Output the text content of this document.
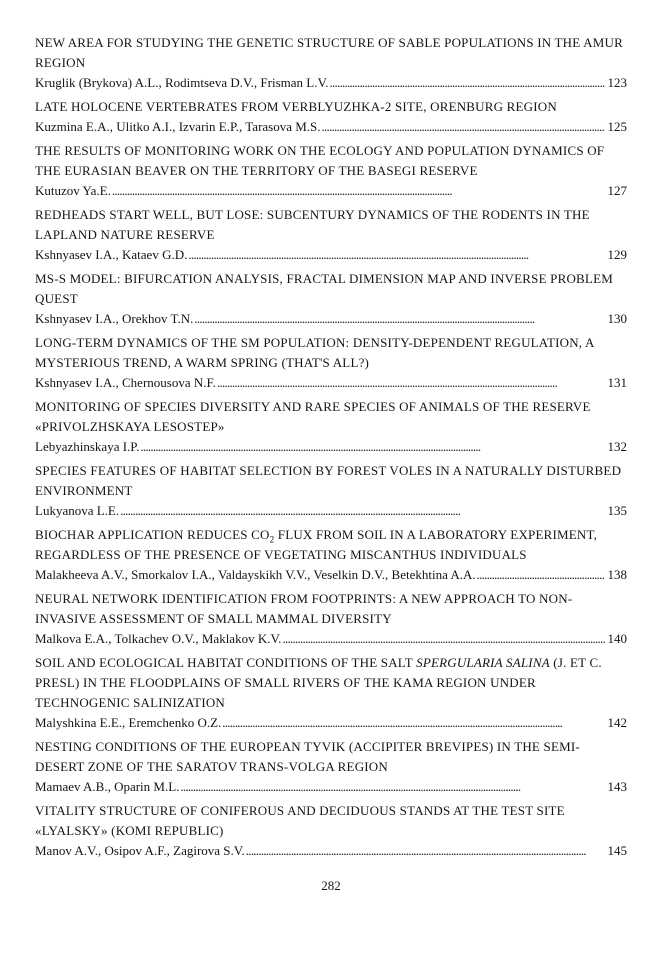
NEW AREA FOR STUDYING THE GENETIC STRUCTURE OF SABLE POPULATIONS IN THE AMUR REGION
Kruglik (Brykova) A.L., Rodimtseva D.V., Frisman L.V. . . .	123
LATE HOLOCENE VERTEBRATES FROM VERBLYUZHKA-2 SITE, ORENBURG REGION
Kuzmina E.A., Ulitko A.I., Izvarin E.P., Tarasova M.S. . . .	125
THE RESULTS OF MONITORING WORK ON THE ECOLOGY AND POPULATION DYNAMICS OF THE EURASIAN BEAVER ON THE TERRITORY OF THE BASEGI RESERVE
Kutuzov Ya.E. . . .	127
REDHEADS START WELL, BUT LOSE: SUBCENTURY DYNAMICS OF THE RODENTS IN THE LAPLAND NATURE RESERVE
Kshnyasev I.A., Kataev G.D. . . .	129
MS-S MODEL: BIFURCATION ANALYSIS, FRACTAL DIMENSION MAP AND INVERSE PROBLEM QUEST
Kshnyasev I.A., Orekhov T.N. . . .	130
LONG-TERM DYNAMICS OF THE SM POPULATION: DENSITY-DEPENDENT REGULATION, A MYSTERIOUS TREND, A WARM SPRING (THAT'S ALL?)
Kshnyasev I.A., Chernousova N.F. . . .	131
MONITORING OF SPECIES DIVERSITY AND RARE SPECIES OF ANIMALS OF THE RESERVE «PRIVOLZHSKAYA LESOSTEP»
Lebyazhinskaya I.P. . . .	132
SPECIES FEATURES OF HABITAT SELECTION BY FOREST VOLES IN A NATURALLY DISTURBED ENVIRONMENT
Lukyanova L.E. . . .	135
BIOCHAR APPLICATION REDUCES $CO_2$ FLUX FROM SOIL IN A LABORATORY EXPERIMENT, REGARDLESS OF THE PRESENCE OF VEGETATING MISCANTHUS INDIVIDUALS
Malakheeva A.V., Smorkalov I.A., Valdayskikh V.V., Veselkin D.V., Betekhtina A.A. . . .	138
NEURAL NETWORK IDENTIFICATION FROM FOOTPRINTS: A NEW APPROACH TO NON-INVASIVE ASSESSMENT OF SMALL MAMMAL DIVERSITY
Malkova E.A., Tolkachev O.V., Maklakov K.V. . . .	140
SOIL AND ECOLOGICAL HABITAT CONDITIONS OF THE SALT SPERGULARIA SALINA (J. ET C. PRESL) IN THE FLOODPLAINS OF SMALL RIVERS OF THE KAMA REGION UNDER TECHNOGENIC SALINIZATION
Malyshkina E.E., Eremchenko O.Z. . . .	142
NESTING CONDITIONS OF THE EUROPEAN TYVIK (ACCIPITER BREVIPES) IN THE SEMI-DESERT ZONE OF THE SARATOV TRANS-VOLGA REGION
Mamaev A.B., Oparin M.L. . . .	143
VITALITY STRUCTURE OF CONIFEROUS AND DECIDUOUS STANDS AT THE TEST SITE «LYALSKY» (KOMI REPUBLIC)
Manov A.V., Osipov A.F., Zagirova S.V. . . .	145
282
